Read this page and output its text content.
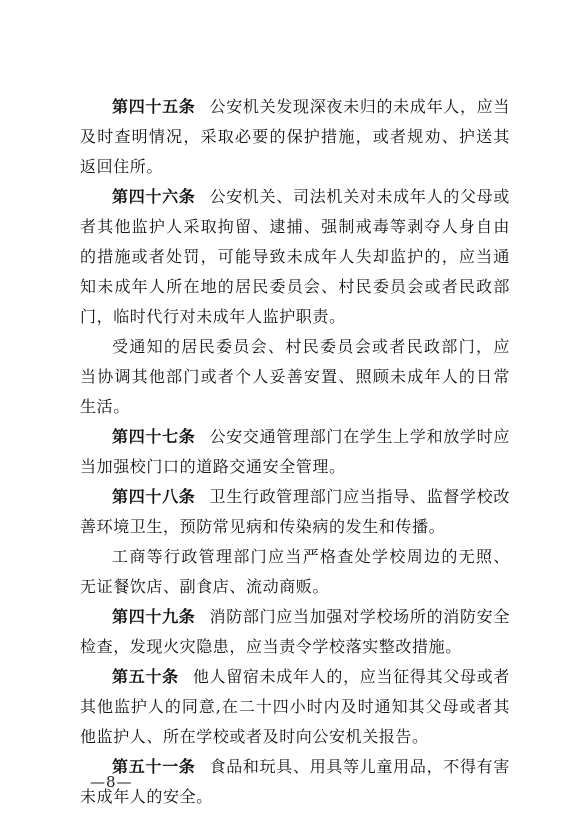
第四十五条 公安机关发现深夜未归的未成年人，应当及时查明情况，采取必要的保护措施，或者规劝、护送其返回住所。

第四十六条 公安机关、司法机关对未成年人的父母或者其他监护人采取拘留、逮捕、强制戒毒等剥夺人身自由的措施或者处罚，可能导致未成年人失却监护的，应当通知未成年人所在地的居民委员会、村民委员会或者民政部门，临时代行对未成年人监护职责。

受通知的居民委员会、村民委员会或者民政部门，应当协调其他部门或者个人妥善安置、照顾未成年人的日常生活。

第四十七条 公安交通管理部门在学生上学和放学时应当加强校门口的道路交通安全管理。

第四十八条 卫生行政管理部门应当指导、监督学校改善环境卫生，预防常见病和传染病的发生和传播。

工商等行政管理部门应当严格查处学校周边的无照、无证餐饮店、副食店、流动商贩。

第四十九条 消防部门应当加强对学校场所的消防安全检查，发现火灾隐患，应当责令学校落实整改措施。

第五十条 他人留宿未成年人的，应当征得其父母或者其他监护人的同意,在二十四小时内及时通知其父母或者其他监护人、所在学校或者及时向公安机关报告。

第五十一条 食品和玩具、用具等儿童用品，不得有害未成年人的安全。

—8—
